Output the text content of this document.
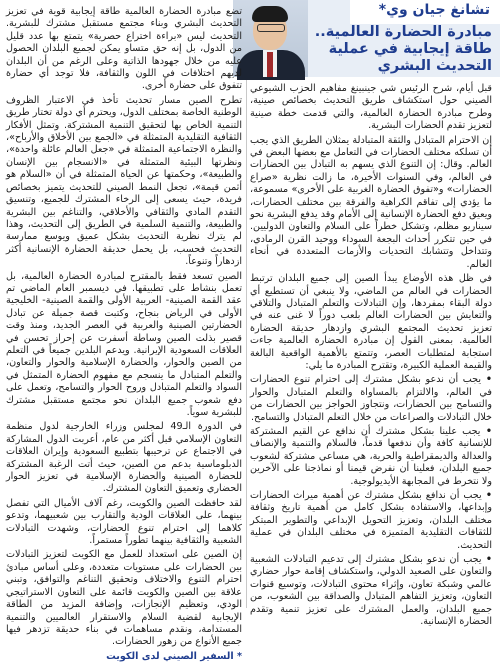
تشانغ جيان وي*
مبادرة الحضارة العالمية.. طاقة إيجابية في عملية التحديث البشري

قبل أيام، شرح الرئيس شي جينبينغ مفاهيم الحزب الشيوعي الصيني حول استكشاف طريق التحديث بخصائص صينية، وطرح مبادرة الحضارة العالمية، والتي قدمت خطة صينية لتعزيز تقدم الحضارات البشرية.

إن الاحترام المتبادل والثقة المتبادلة يمثلان الطريق الذي يجب أن تسلكه مختلف الحضارات في التعامل مع بعضها البعض في العالم. وقال: إن التنوع الذي يسهم به التبادل بين الحضارات في العالم، وفي السنوات الأخيرة، ما زالت نظرية «صراع الحضارات» و«تفوق الحضارة الغربية على الأخرى» مسموعة، ما يؤدي إلى تفاقم الكراهية والفرقة بين مختلف الحضارات، ويعيق دفع الحضارة الإنسانية إلى الأمام وقد يدفع البشرية نحو سيناريو مظلم، وتشكل خطراً على السلام والتعاون الدوليين. في حين تتكرر أحداث البجعة السوداء ووحيد القرن الرمادي، وتتداخل وتتشابك التحديات والأزمات المتعددة في أنحاء العالم.

في ظل هذه الأوضاع يبدأ الصين إلى جميع البلدان ترتبط الحضارات في العالم من الماضي، ولا ينبغي أن تستطيع أي دولة البقاء بمفردها، وإن التبادلات والتعلم المتبادل والتلاقي والتعايش بين الحضارات العالم بلعب دوراً لا غنى عنه في تعزيز تحديث المجتمع البشري وازدهار حديقة الحضارة العالمية. بمعنى القول إن مبادرة الحضارة العالمية جاءت استجابة لمتطلبات العصر، وتتمتع بالأهمية الواقعية البالغة والقيمة العملية الكبيرة، وتقترح المبادرة ما يلي:

• يجب أن ندعو بشكل مشترك إلى احترام تنوع الحضارات في العالم، والالتزام بالمساواة والتعلم المتبادل والحوار والتسامح بين الحضارات، ونتجاوز الحواجز بين الحضارات من خلال التبادلات والصراعات من خلال التعلم المتبادل والتسامح.

• يجب علينا بشكل مشترك أن ندافع عن القيم المشتركة للإنسانية كافة وأن ندفعها قدماً، فالسلام والتنمية والإنصاف والعدالة والديمقراطية والحرية، هي مساعي مشتركة لشعوب جميع البلدان، فعلينا أن نفرض قيمنا أو نماذجنا على الآخرين ولا نتخرط في المجابهة الأيديولوجية.

• يجب أن ندافع بشكل مشترك عن أهمية ميراث الحضارات وإبداعها، والاستفادة بشكل كامل من أهمية تاريخ وثقافة مختلف البلدان، وتعزيز التحويل الإبداعي والتطوير المبتكر للثقافات التقليدية المتميزة في مختلف البلدان في عملية التحديث.

• يجب أن ندعو بشكل مشترك إلى تدعيم التبادلات الشعبية والتعاون على الصعيد الدولي، واستكشاف إقامة حوار حضاري عالمي وشبكة تعاون، وإثراء محتوى التبادلات، وتوسيع قنوات التعاون، وتعزيز التفاهم المتبادل والصداقة بين الشعوب، من جميع البلدان، والعمل المشترك على تعزيز تنمية وتقدم الحضارة الإنسانية.

تضع مبادرة الحضارة العالمية طاقة إيجابية قوية في تعزيز التحديث البشري وبناء مجتمع مستقبل مشترك للبشرية. التحديث ليس «براءة اختراع حصرية» يتمتع بها عدد قليل من الدول، بل إنه حق متساو يمكن لجميع البلدان الحصول عليه من خلال جهودها الذاتية وعلى الرغم من أن البلدان لديهم اختلافات في اللون والثقافة، فلا توجد أي حضارة تتفوق على حضارة أخرى.

تطرح الصين مسار تحديث تأخذ في الاعتبار الظروف الوطنية الخاصة بمختلف الدول، ويحترم أي دولة تختار طريق التنمية الخاص بها لتحقيق التنمية المشتركة. وتمثل الأفكار الثقافية التقليدية المتمثلة في «الجمع بين الأخلاق والأرباح»، والنظرة الاجتماعية المتمثلة في «جعل العالم عائلة واحدة»، ونظرتها البيئية المتمثلة في «الانسجام بين الإنسان والطبيعة»، وحكمتها عن الحياة المتمثلة في أن «السلام هو أثمن قيمة»، تجعل النمط الصيني للتحديث يتميز بخصائص فريدة، حيث يسعى إلى الرخاء المشترك للجميع، وتنسيق التقدم المادي والثقافي والأخلاقي، والتناغم بين البشرية والطبيعة، والتنمية السلمية في الطريق إلى التحديث، وهذا لم يترك نظرية التحديث بشكل عميق ويوسع ممارسة التحديث فحسب، بل يحمل حديقة الحضارة الإنسانية أكثر ازدهاراً وتنوعاً.

الصين تسعد فقط بالمقترح لمبادرة الحضارة العالمية، بل تعمل بنشاط على تطبيقها. في ديسمبر العام الماضي تم عقد القمة الصينية- العربية الأولى والقمة الصينية- الخليجية الأولى في الرياض بنجاح، وكتبت قصة جميلة عن تبادل الحضارتين الصينية والعربية في العصر الجديد، ومنذ وقت قصير بذلت الصين وساطة أسفرت عن إحراز تحسن في العلاقات السعودية الإيرانية. ويدعم البلدين جميعاً في التعلم من الصين والحوار، والحضارة الإسلامية والحوار والتعاون، والتعلم المتبادل ما ينسجم مع مفهوم الحضارة المتمثل في السواد والتعلم المتبادل وروح الحوار والتسامح، وتعمل على دفع شعوب جميع البلدان نحو مجتمع مستقبل مشترك للبشرية سوياً.

في الدورة الـ49 لمجلس وزراء الخارجية لدول منظمة التعاون الإسلامي قبل أكثر من عام، أعربت الدول المشاركة في الاجتماع عن ترحيبها بتطبيع السعودية وإيران العلاقات الدبلوماسية بدعم من الصين، حيث أتت الرغبة المشتركة للحضارة الصينية والحضارة الإسلامية في تعزيز الحوار الحضاري وتعميق التعاون المشترك.

لقد حافظت الصين والكويت، رغم آلاف الأميال التي تفصل بينهما، على العلاقات الودية والتقارب بين شعبيهما، وتدعو كلاهما إلى احترام تنوع الحضارات، وشهدت التبادلات الشعبية والثقافية بينهما تطوراً مستمراً.

إن الصين على استعداد للعمل مع الكويت لتعزيز التبادلات بين الحضارات على مستويات متعددة، وعلى أساس مبادئ احترام التنوع والاختلاف وتحقيق التناغم والتوافق، وتبني علاقة بين الصين والكويت قائمة على التعاون الاستراتيجي الودي، وتعظيم الإنجازات، وإضافة المزيد من الطاقة الإيجابية لقضية السلام والاستقرار العالميين والتنمية المستدامة، ونقدم مساهمات في بناء حديقة تزدهر فيها جميع الأنواع من زهور الحضارات.

* السفير الصيني لدى الكويت
